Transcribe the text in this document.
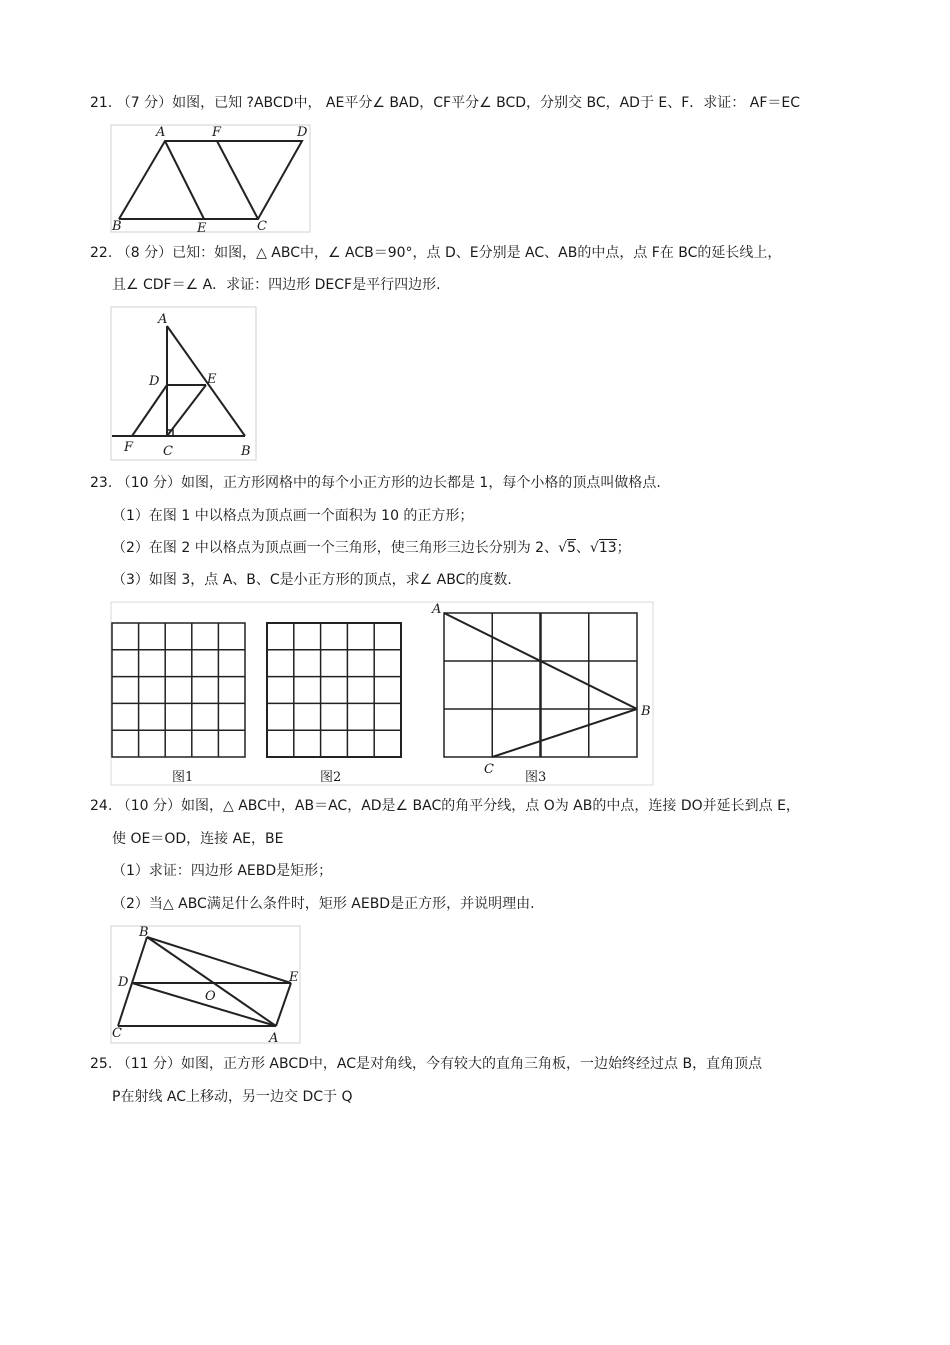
21. （7 分）如图，已知 ?ABCD中， AE平分∠ BAD，CF平分∠ BCD，分别交 BC，AD于 E、F．求证： AF＝EC
A	F	D
B	E	C
22. （8 分）已知：如图，△ ABC中，∠ ACB＝90°，点 D、E分别是 AC、AB的中点，点 F在 BC的延长线上，
且∠ CDF＝∠ A．求证：四边形 DECF是平行四边形.
A
D	E
F C	B
23. （10 分）如图，正方形网格中的每个小正方形的边长都是 1，每个小格的顶点叫做格点.
（1）在图 1 中以格点为顶点画一个面积为 10 的正方形；
（2）在图 2 中以格点为顶点画一个三角形，使三角形三边长分别为 2、√5、√13；
（3）如图 3，点 A、B、C是小正方形的顶点，求∠ ABC的度数.
A
B
C
图1	图2	图3
24. （10 分）如图，△ ABC中，AB＝AC，AD是∠ BAC的角平分线，点 O为 AB的中点，连接 DO并延长到点 E，
使 OE＝OD，连接 AE，BE
（1）求证：四边形 AEBD是矩形；
（2）当△ ABC满足什么条件时，矩形 AEBD是正方形，并说明理由.
B
D
O
E
C	A
25. （11 分）如图，正方形 ABCD中，AC是对角线，今有较大的直角三角板，一边始终经过点 B，直角顶点
P在射线 AC上移动，另一边交 DC于 Q
